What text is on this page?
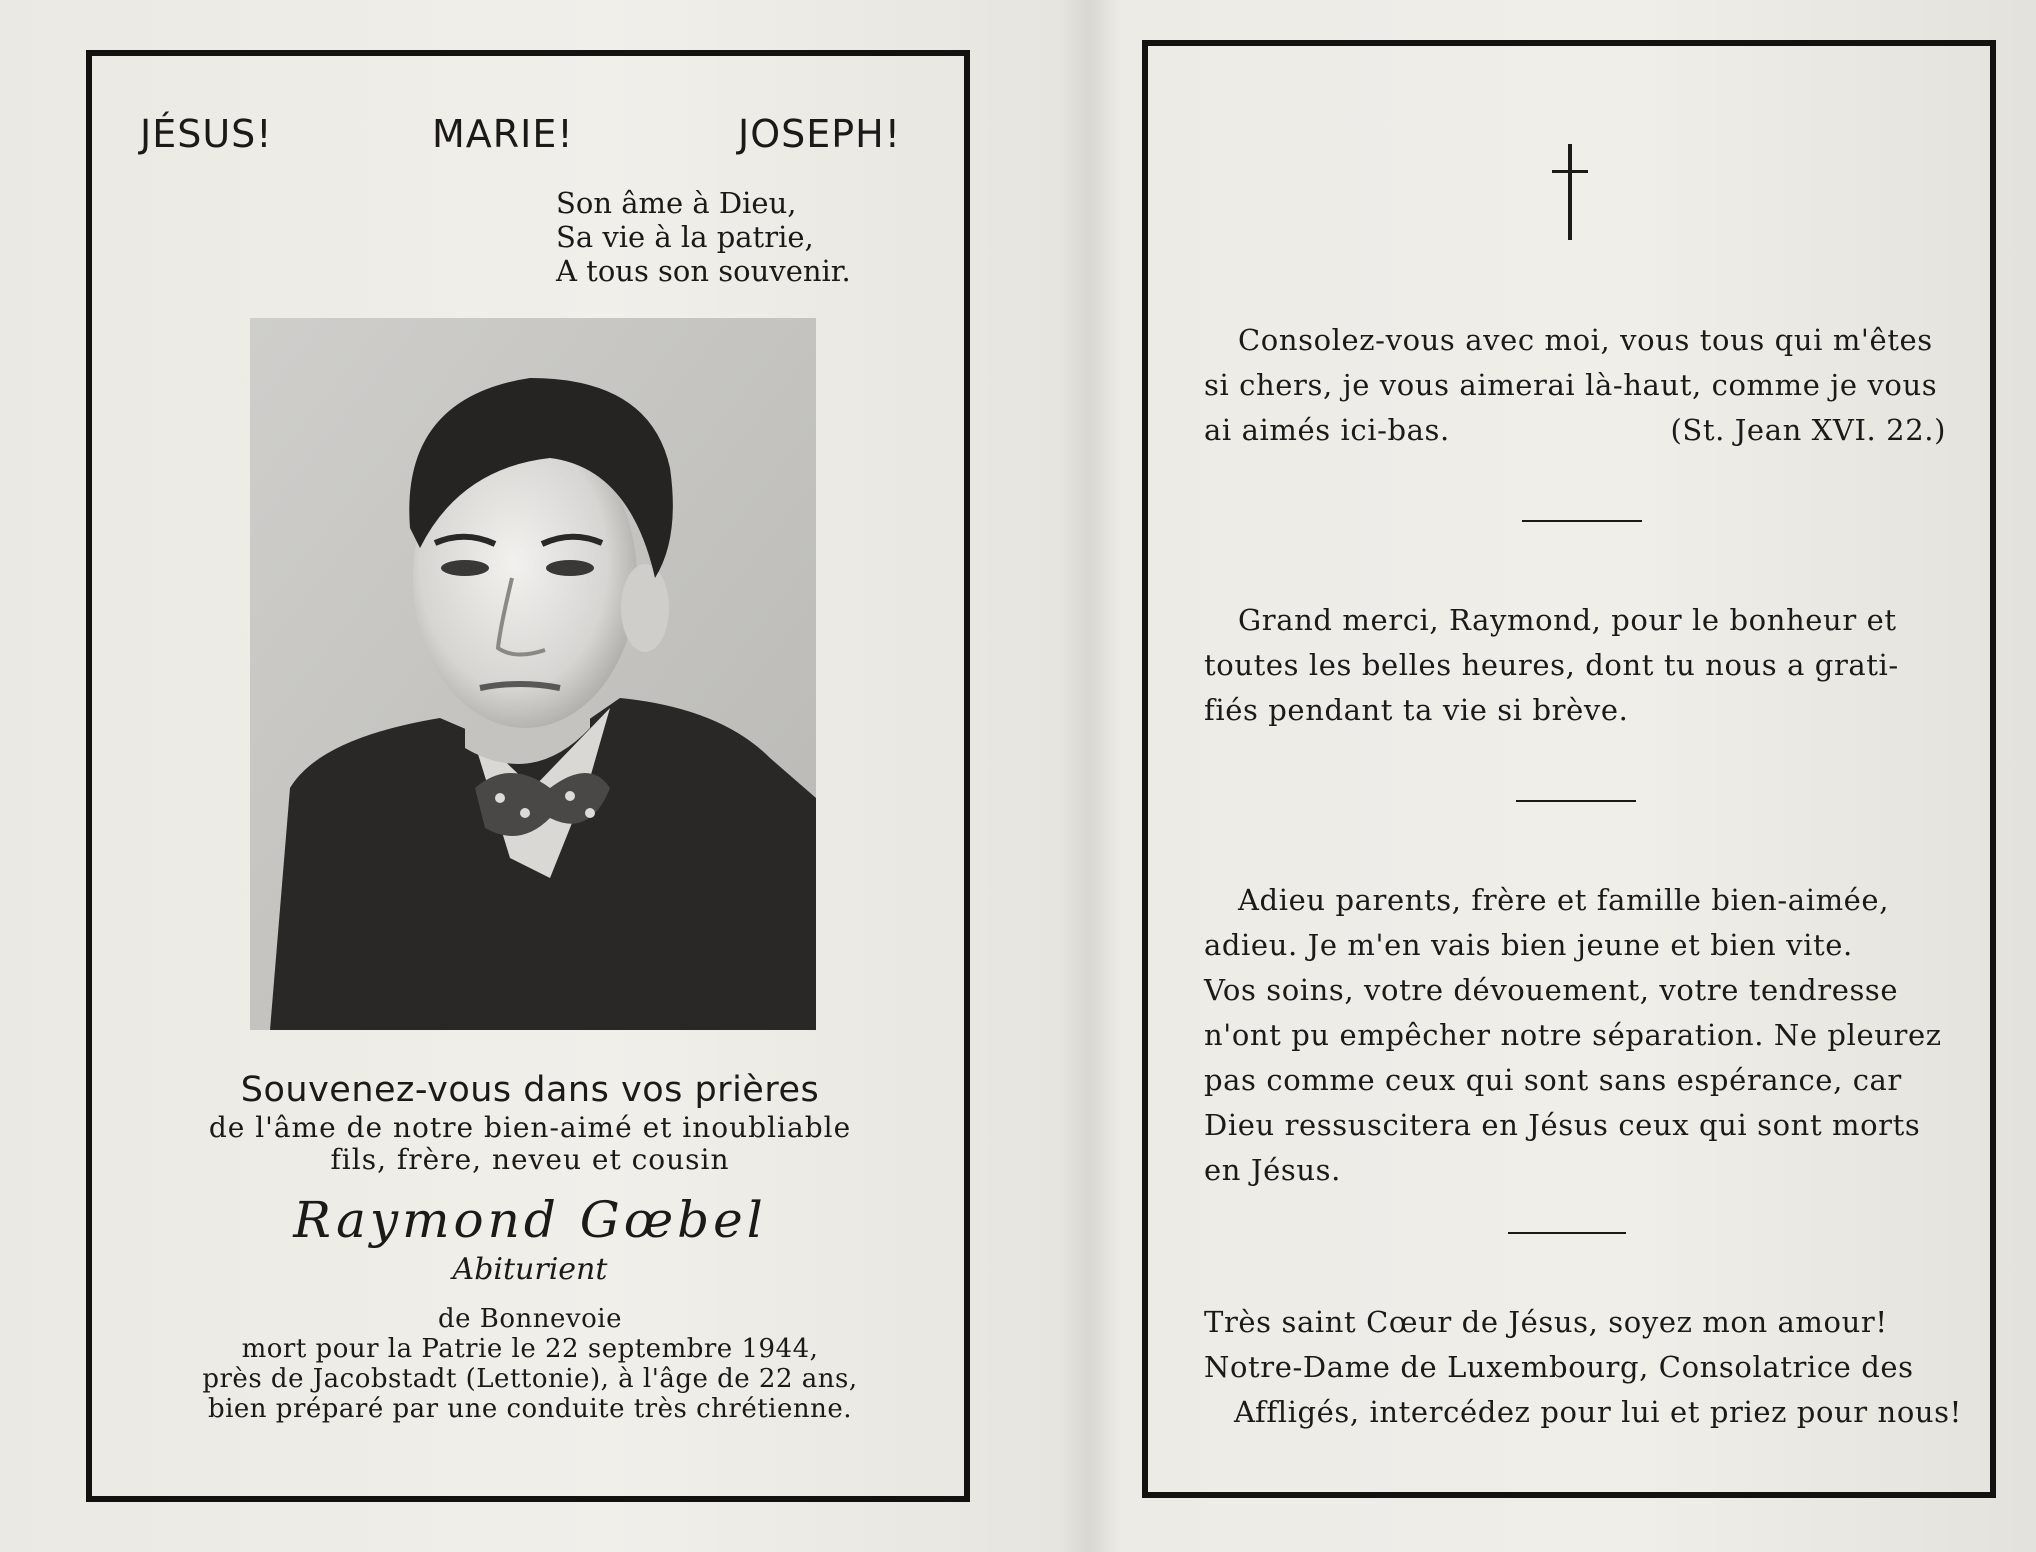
JÉSUS!	MARIE!	JOSEPH!
Son âme à Dieu,
Sa vie à la patrie,
A tous son souvenir.
Souvenez-vous dans vos prières
de l'âme de notre bien-aimé et inoubliable
fils, frère, neveu et cousin
Raymond Gœbel
Abiturient
de Bonnevoie
mort pour la Patrie le 22 septembre 1944,
près de Jacobstadt (Lettonie), à l'âge de 22 ans,
bien préparé par une conduite très chrétienne.
Consolez-vous avec moi, vous tous qui m'êtes
si chers, je vous aimerai là-haut, comme je vous
ai aimés ici-bas.	(St. Jean XVI. 22.)
Grand merci, Raymond, pour le bonheur et
toutes les belles heures, dont tu nous a grati-
fiés pendant ta vie si brève.
Adieu parents, frère et famille bien-aimée,
adieu. Je m'en vais bien jeune et bien vite.
Vos soins, votre dévouement, votre tendresse
n'ont pu empêcher notre séparation. Ne pleurez
pas comme ceux qui sont sans espérance, car
Dieu ressuscitera en Jésus ceux qui sont morts
en Jésus.
Très saint Cœur de Jésus, soyez mon amour!
Notre-Dame de Luxembourg, Consolatrice des
Affligés, intercédez pour lui et priez pour nous!
